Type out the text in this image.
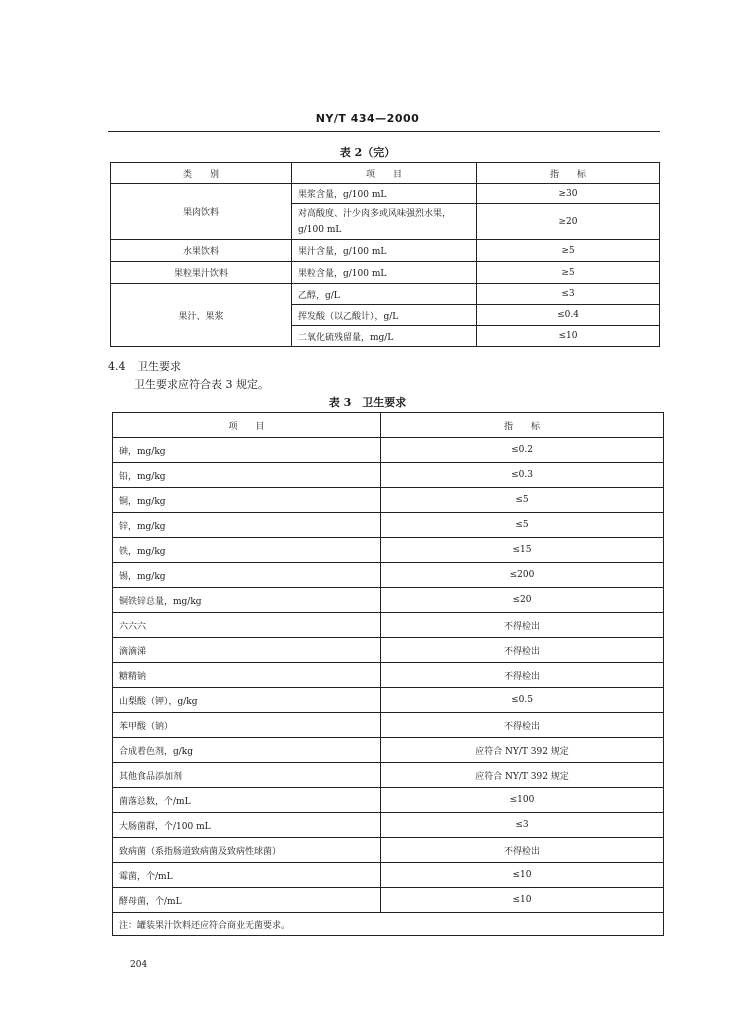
NY/T 434—2000
表 2（完）
类　　别	项　　目	指　　标
果肉饮料	果浆含量，g/100 mL	≥30
	对高酸度、汁少肉多或风味强烈水果，g/100 mL	≥20
水果饮料	果汁含量，g/100 mL	≥5
果粒果汁饮料	果粒含量，g/100 mL	≥5
果汁、果浆	乙醇，g/L	≤3
	挥发酸（以乙酸计），g/L	≤0.4
	二氧化硫残留量，mg/L	≤10
4.4 卫生要求
卫生要求应符合表 3 规定。
表 3　卫生要求
项　　目	指　　标
砷，mg/kg	≤0.2
铅，mg/kg	≤0.3
铜，mg/kg	≤5
锌，mg/kg	≤5
铁，mg/kg	≤15
锡，mg/kg	≤200
铜铁锌总量，mg/kg	≤20
六六六	不得检出
滴滴涕	不得检出
糖精钠	不得检出
山梨酸（钾），g/kg	≤0.5
苯甲酸（钠）	不得检出
合成着色剂，g/kg	应符合 NY/T 392 规定
其他食品添加剂	应符合 NY/T 392 规定
菌落总数，个/mL	≤100
大肠菌群，个/100 mL	≤3
致病菌（系指肠道致病菌及致病性球菌）	不得检出
霉菌，个/mL	≤10
酵母菌，个/mL	≤10
注：罐装果汁饮料还应符合商业无菌要求。	
204
